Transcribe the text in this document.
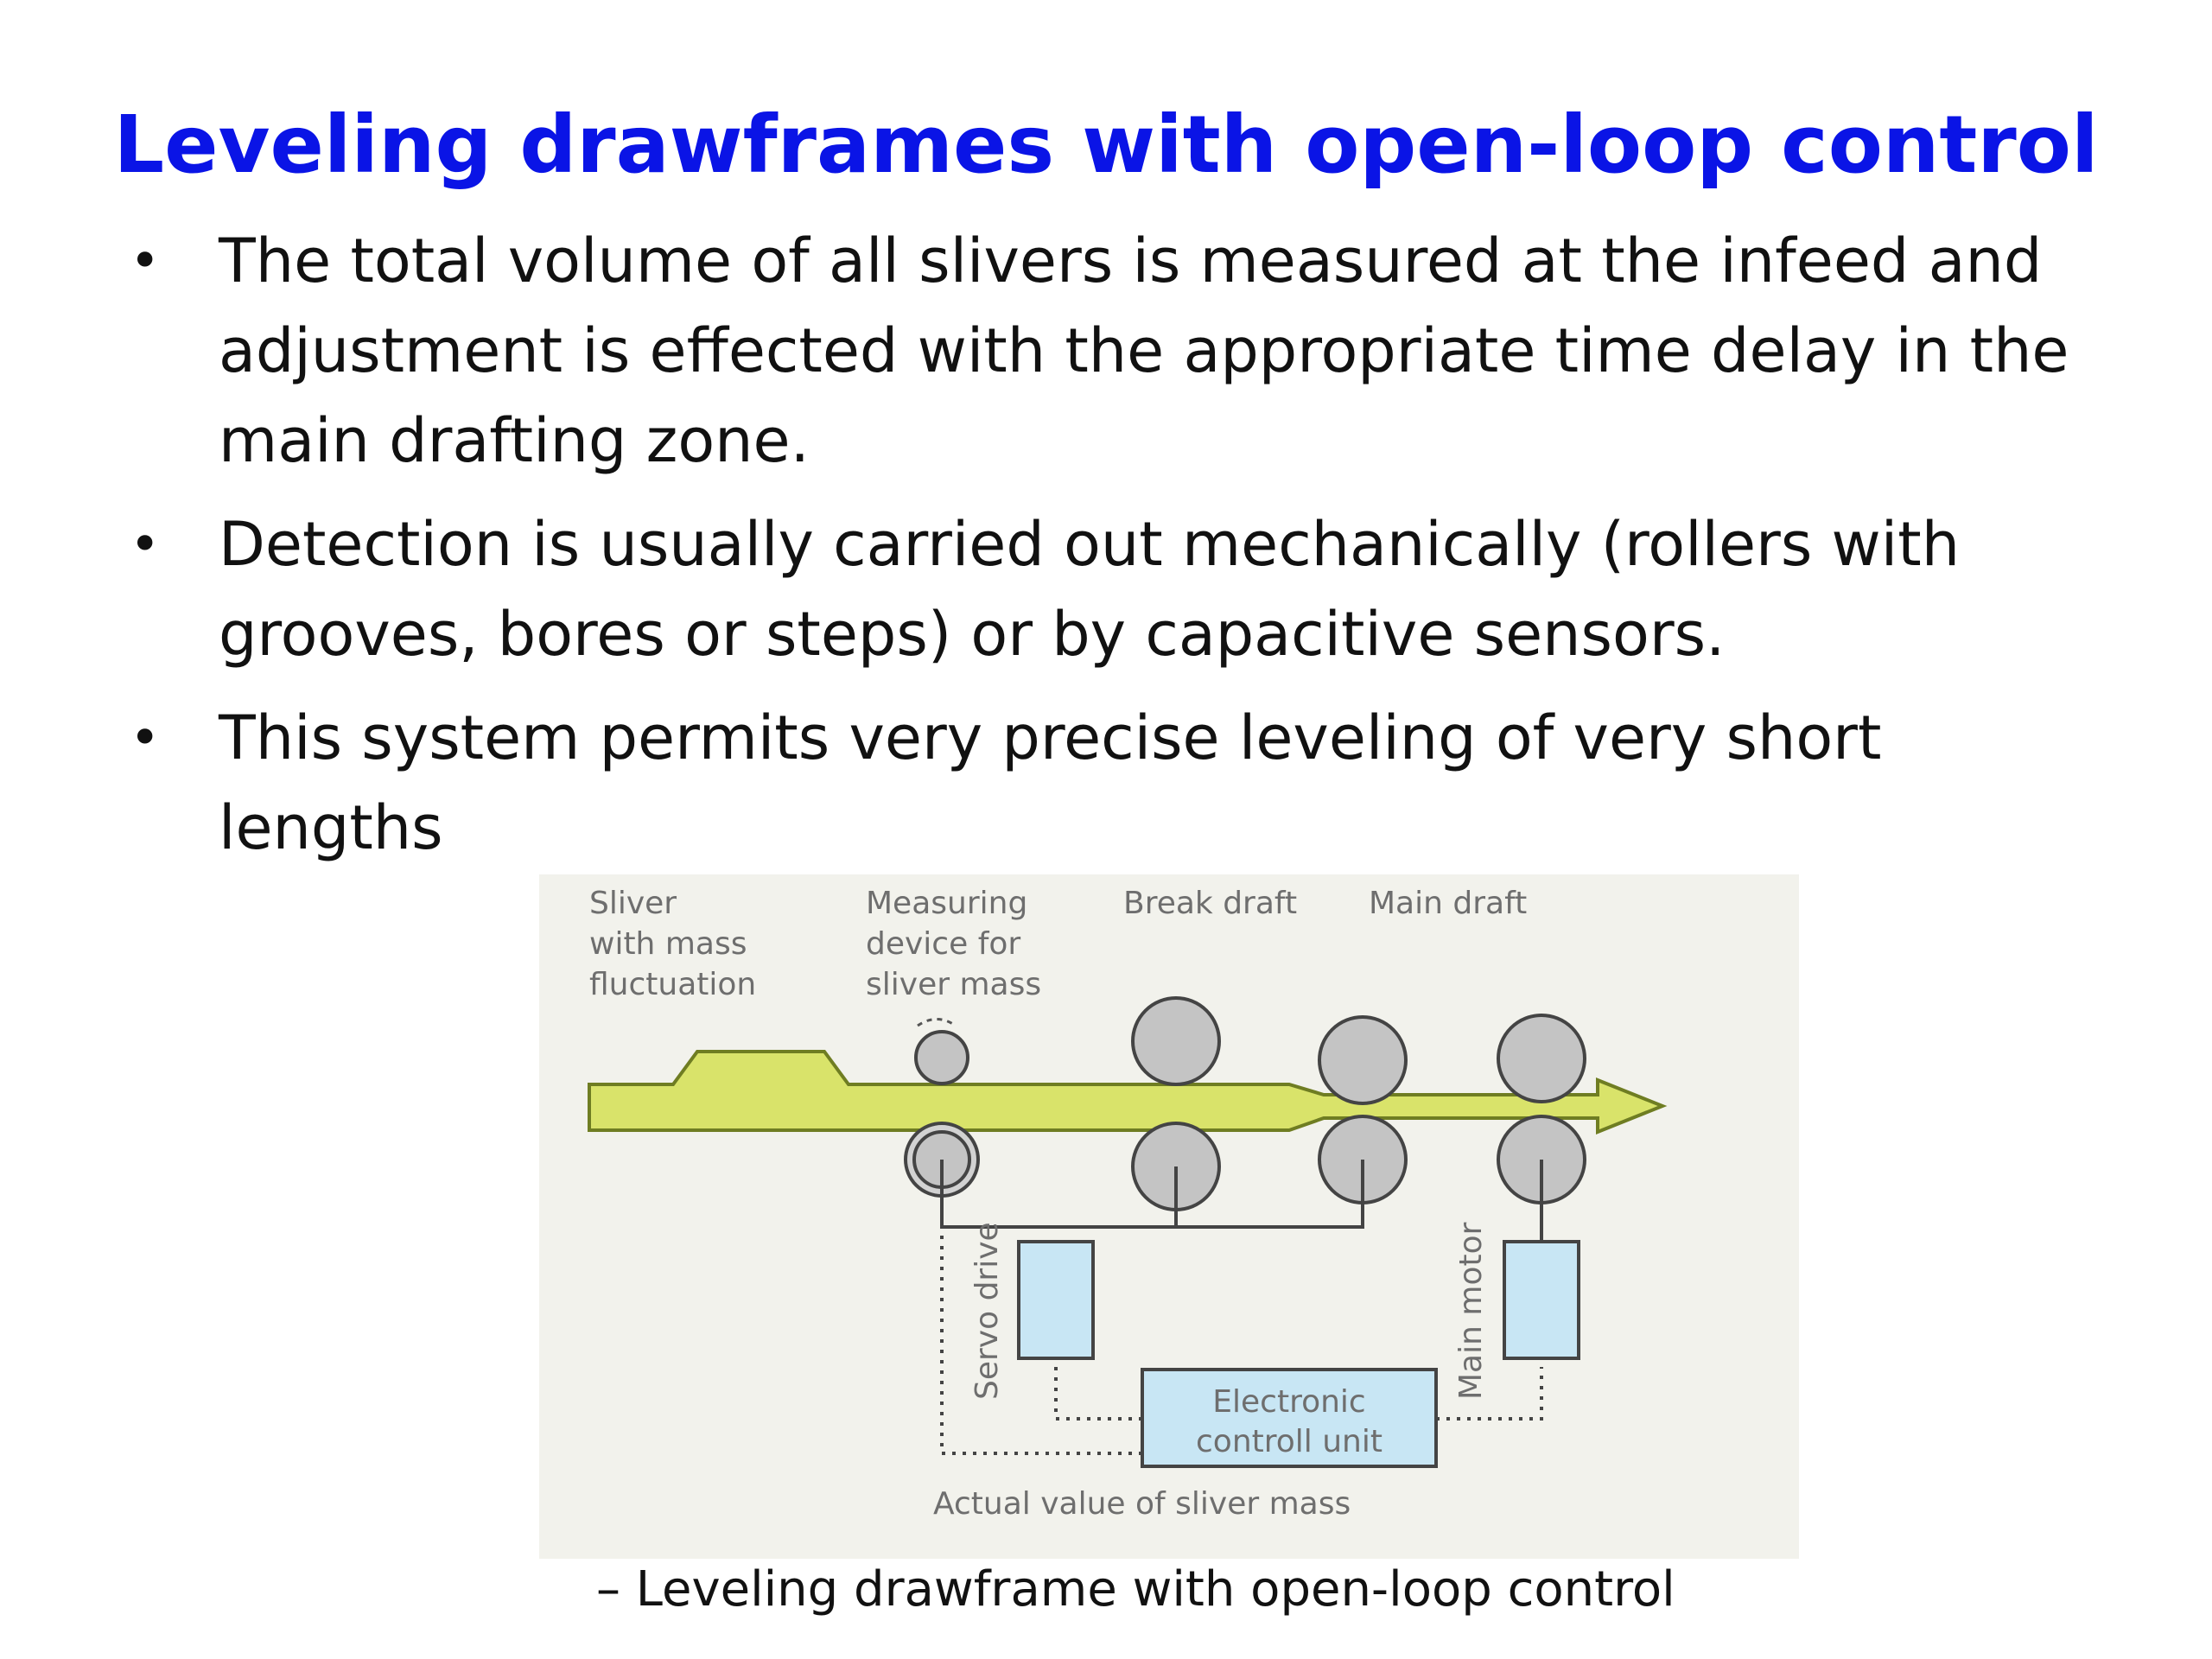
Leveling drawframes with open-loop control
• The total volume of all slivers is measured at the infeed and adjustment is effected with the appropriate time delay in the main drafting zone.
• Detection is usually carried out mechanically (rollers with grooves, bores or steps) or by capacitive sensors.
• This system permits very precise leveling of very short lengths
Sliver
with mass
fluctuation
Measuring
device for
sliver mass
Break draft Main draft
Servo drive	Main motor
Electronic
controll unit
Actual value of sliver mass
– Leveling drawframe with open-loop control
